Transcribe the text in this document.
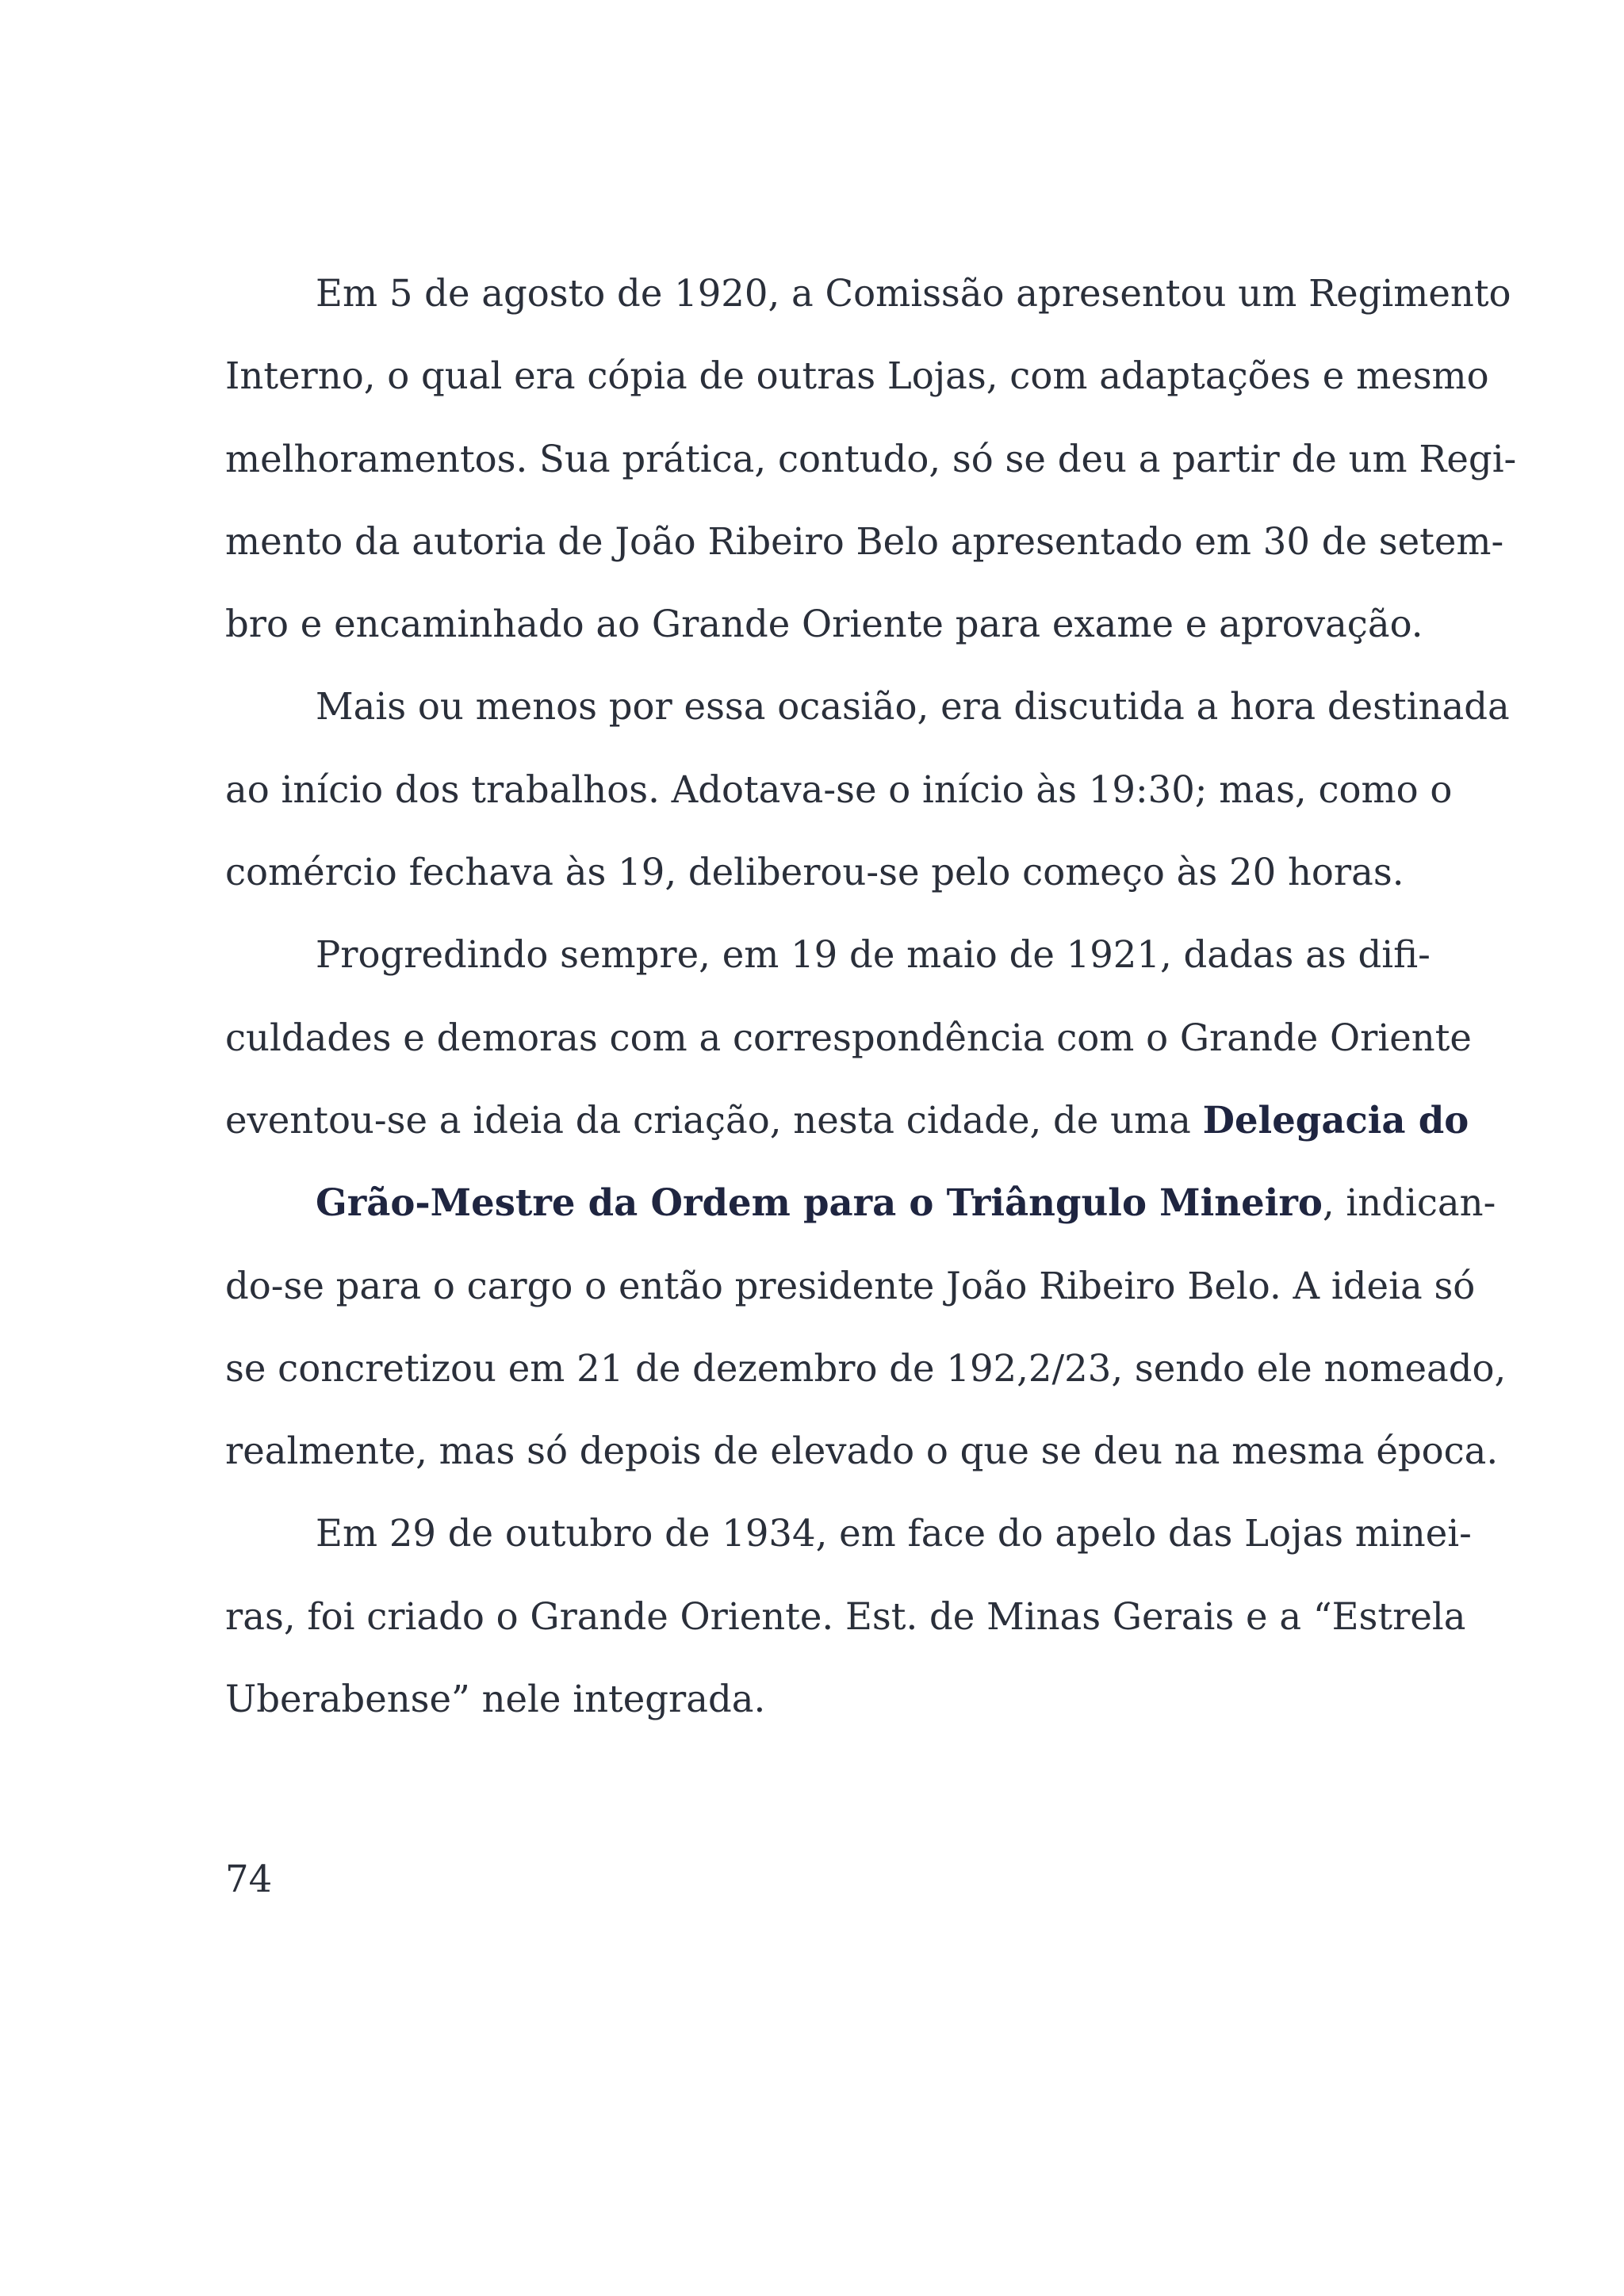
Em 5 de agosto de 1920, a Comissão apresentou um Regimento
Interno, o qual era cópia de outras Lojas, com adaptações e mesmo
melhoramentos. Sua prática, contudo, só se deu a partir de um Regi-
mento da autoria de João Ribeiro Belo apresentado em 30 de setem-
bro e encaminhado ao Grande Oriente para exame e aprovação.
Mais ou menos por essa ocasião, era discutida a hora destinada
ao início dos trabalhos. Adotava-se o início às 19:30; mas, como o
comércio fechava às 19, deliberou-se pelo começo às 20 horas.
Progredindo sempre, em 19 de maio de 1921, dadas as difi-
culdades e demoras com a correspondência com o Grande Oriente
eventou-se a ideia da criação, nesta cidade, de uma Delegacia do
Grão-Mestre da Ordem para o Triângulo Mineiro, indican-
do-se para o cargo o então presidente João Ribeiro Belo. A ideia só
se concretizou em 21 de dezembro de 192,2/23, sendo ele nomeado,
realmente, mas só depois de elevado o que se deu na mesma época.
Em 29 de outubro de 1934, em face do apelo das Lojas minei-
ras, foi criado o Grande Oriente. Est. de Minas Gerais e a “Estrela
Uberabense” nele integrada.
74
